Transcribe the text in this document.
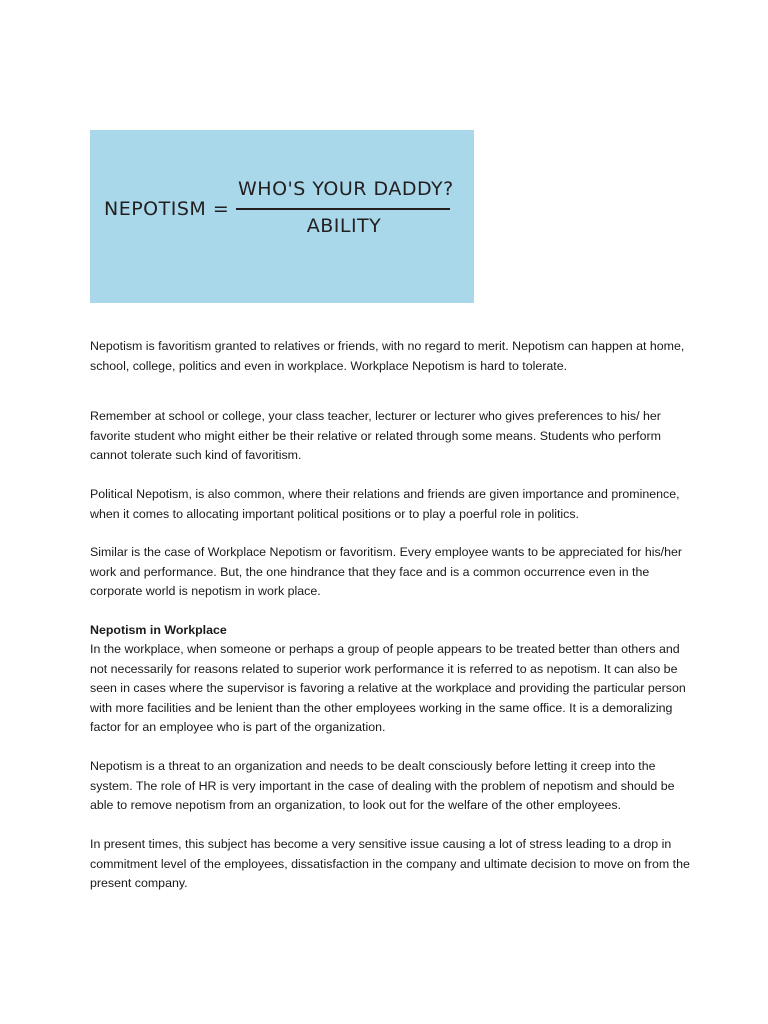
NEPOTISM =
WHO'S YOUR DADDY?
ABILITY

Nepotism is favoritism granted to relatives or friends, with no regard to merit. Nepotism can happen at home, school, college, politics and even in workplace. Workplace Nepotism is hard to tolerate.

Remember at school or college, your class teacher, lecturer or lecturer who gives preferences to his/ her favorite student who might either be their relative or related through some means. Students who perform cannot tolerate such kind of favoritism.

Political Nepotism, is also common, where their relations and friends are given importance and prominence, when it comes to allocating important political positions or to play a poerful role in politics.

Similar is the case of Workplace Nepotism or favoritism. Every employee wants to be appreciated for his/her work and performance. But, the one hindrance that they face and is a common occurrence even in the corporate world is nepotism in work place.

Nepotism in Workplace

In the workplace, when someone or perhaps a group of people appears to be treated better than others and not necessarily for reasons related to superior work performance it is referred to as nepotism. It can also be seen in cases where the supervisor is favoring a relative at the workplace and providing the particular person with more facilities and be lenient than the other employees working in the same office. It is a demoralizing factor for an employee who is part of the organization.

Nepotism is a threat to an organization and needs to be dealt consciously before letting it creep into the system. The role of HR is very important in the case of dealing with the problem of nepotism and should be able to remove nepotism from an organization, to look out for the welfare of the other employees.

In present times, this subject has become a very sensitive issue causing a lot of stress leading to a drop in commitment level of the employees, dissatisfaction in the company and ultimate decision to move on from the present company.
